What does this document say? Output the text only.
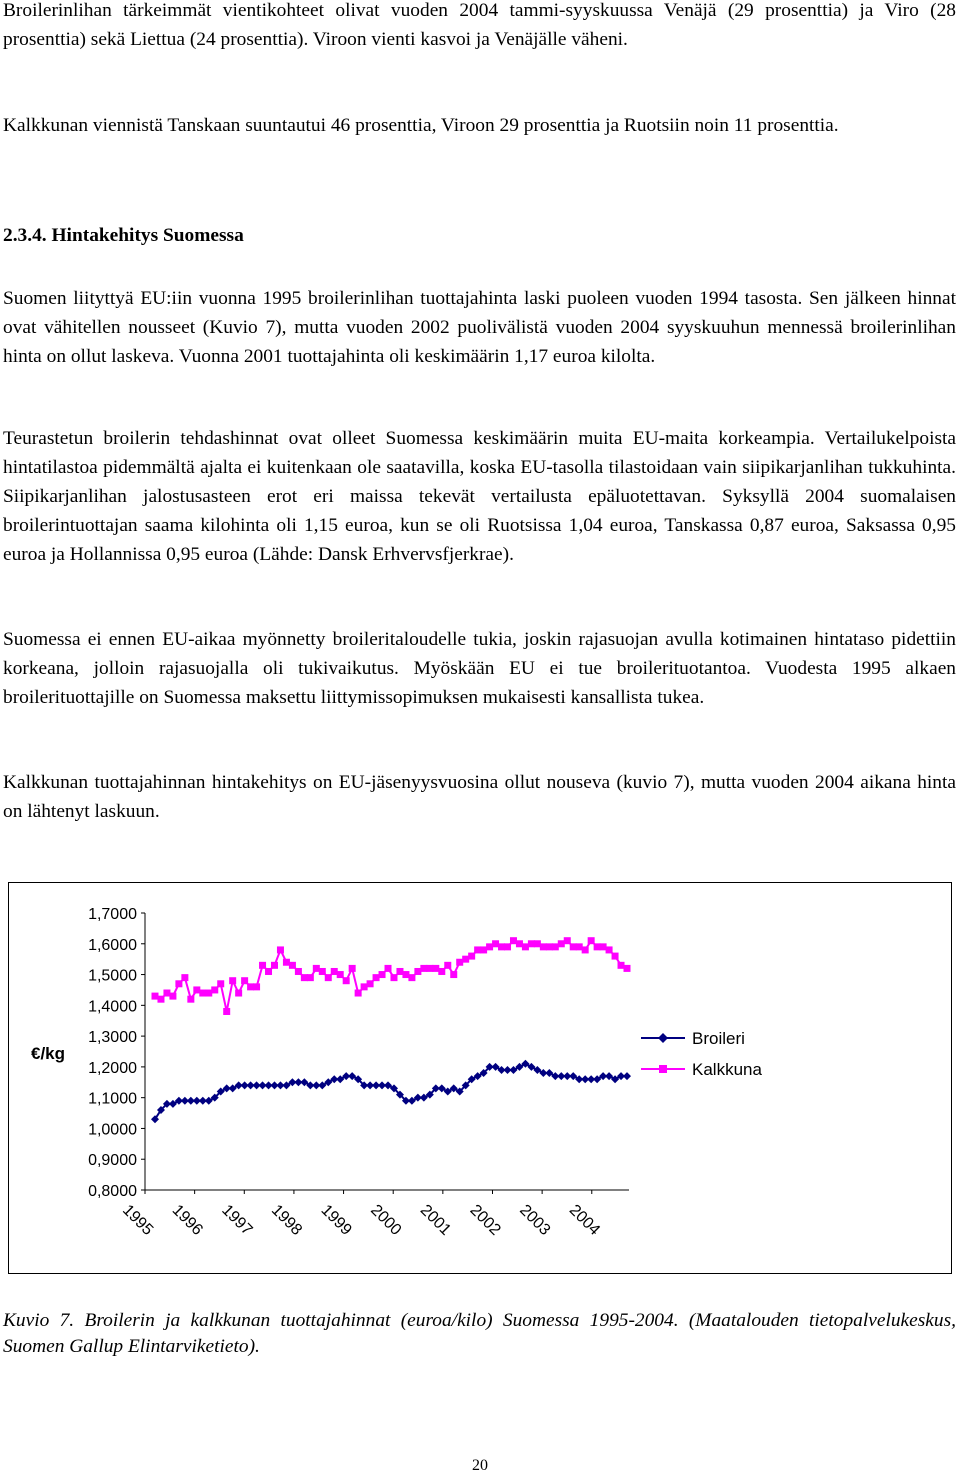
Broilerinlihan tärkeimmät vientikohteet olivat vuoden 2004 tammi-syyskuussa Venäjä (29 prosenttia) ja Viro (28 prosenttia) sekä Liettua (24 prosenttia). Viroon vienti kasvoi ja Venäjälle väheni.

Kalkkunan viennistä Tanskaan suuntautui 46 prosenttia, Viroon 29 prosenttia ja Ruotsiin noin 11 prosenttia.

2.3.4. Hintakehitys Suomessa

Suomen liityttyä EU:iin vuonna 1995 broilerinlihan tuottajahinta laski puoleen vuoden 1994 tasosta. Sen jälkeen hinnat ovat vähitellen nousseet (Kuvio 7), mutta vuoden 2002 puolivälistä vuoden 2004 syyskuuhun mennessä broilerinlihan hinta on ollut laskeva. Vuonna 2001 tuottajahinta oli keskimäärin 1,17 euroa kilolta.

Teurastetun broilerin tehdashinnat ovat olleet Suomessa keskimäärin muita EU-maita korkeampia. Vertailukelpoista hintatilastoa pidemmältä ajalta ei kuitenkaan ole saatavilla, koska EU-tasolla tilastoidaan vain siipikarjanlihan tukkuhinta. Siipikarjanlihan jalostusasteen erot eri maissa tekevät vertailusta epäluotettavan. Syksyllä 2004 suomalaisen broilerintuottajan saama kilohinta oli 1,15 euroa, kun se oli Ruotsissa 1,04 euroa, Tanskassa 0,87 euroa, Saksassa 0,95 euroa ja Hollannissa 0,95 euroa (Lähde: Dansk Erhvervsfjerkrae).

Suomessa ei ennen EU-aikaa myönnetty broileritaloudelle tukia, joskin rajasuojan avulla kotimainen hintataso pidettiin korkeana, jolloin rajasuojalla oli tukivaikutus. Myöskään EU ei tue broilerituotantoa. Vuodesta 1995 alkaen broilerituottajille on Suomessa maksettu liittymissopimuksen mukaisesti kansallista tukea.

Kalkkunan tuottajahinnan hintakehitys on EU-jäsenyysvuosina ollut nouseva (kuvio 7), mutta vuoden 2004 aikana hinta on lähtenyt laskuun.

0,8000
0,9000
1,0000
1,1000
1,2000
1,3000
1,4000
1,5000
1,6000
1,7000
1995 1996 1997 1998 1999 2000 2001 2002 2003 2004
€/kg
Broileri
Kalkkuna
Kuvio 7. Broilerin ja kalkkunan tuottajahinnat (euroa/kilo) Suomessa 1995-2004. (Maatalouden tietopalvelukeskus, Suomen Gallup Elintarviketieto).
20
